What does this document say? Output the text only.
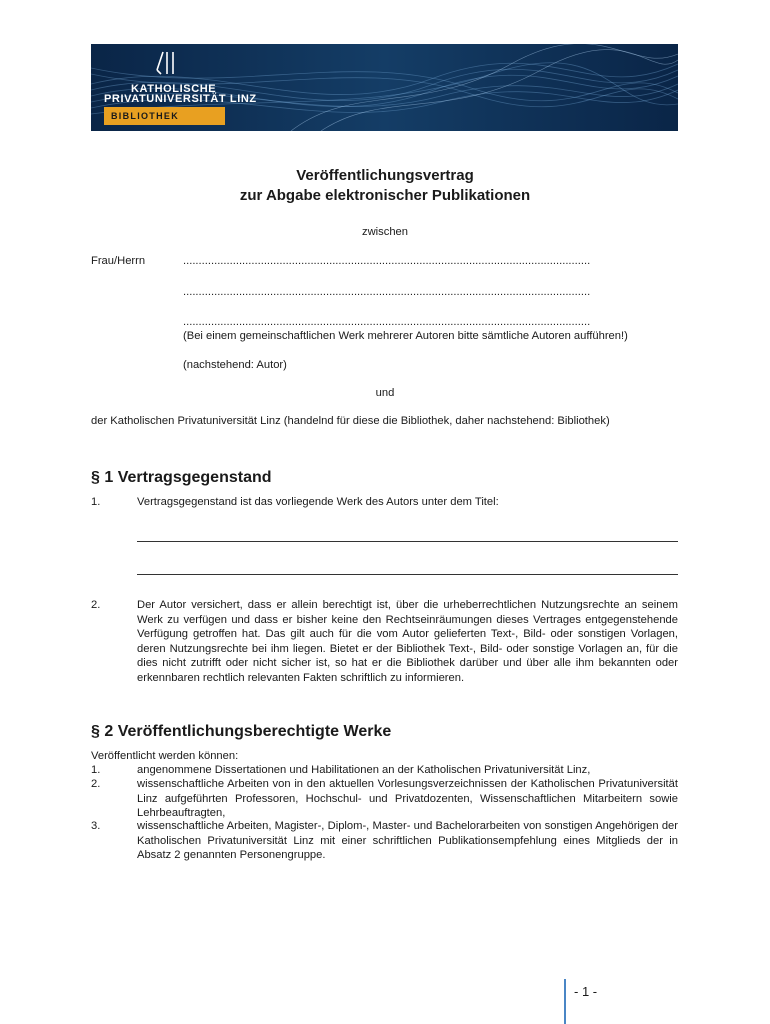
KATHOLISCHE
PRIVATUNIVERSITÄT LINZ
BIBLIOTHEK
Veröffentlichungsvertrag
zur Abgabe elektronischer Publikationen
zwischen
Frau/Herrn	...................................................................................................................................
...................................................................................................................................
...................................................................................................................................
(Bei einem gemeinschaftlichen Werk mehrerer Autoren bitte sämtliche Autoren aufführen!)
(nachstehend: Autor)
und
der Katholischen Privatuniversität Linz (handelnd für diese die Bibliothek, daher nachstehend: Bibliothek)
§ 1 Vertragsgegenstand
1.	Vertragsgegenstand ist das vorliegende Werk des Autors unter dem Titel:
2.	Der Autor versichert, dass er allein berechtigt ist, über die urheberrechtlichen Nutzungsrechte an seinem Werk zu verfügen und dass er bisher keine den Rechtseinräumungen dieses Vertrages entgegenstehende Verfügung getroffen hat. Das gilt auch für die vom Autor gelieferten Text-, Bild- oder sonstigen Vorlagen, deren Nutzungsrechte bei ihm liegen. Bietet er der Bibliothek Text-, Bild- oder sonstige Vorlagen an, für die dies nicht zutrifft oder nicht sicher ist, so hat er die Bibliothek darüber und über alle ihm bekannten oder erkennbaren rechtlich relevanten Fakten schriftlich zu informieren.
§ 2 Veröffentlichungsberechtigte Werke
Veröffentlicht werden können:
1.	angenommene Dissertationen und Habilitationen an der Katholischen Privatuniversität Linz,
2.	wissenschaftliche Arbeiten von in den aktuellen Vorlesungsverzeichnissen der Katholischen Privatuniversität Linz aufgeführten Professoren, Hochschul- und Privatdozenten, Wissenschaftlichen Mitarbeitern sowie Lehrbeauftragten,
3.	wissenschaftliche Arbeiten, Magister-, Diplom-, Master- und Bachelorarbeiten von sonstigen Angehörigen der Katholischen Privatuniversität Linz mit einer schriftlichen Publikationsempfehlung eines Mitglieds der in Absatz 2 genannten Personengruppe.
- 1 -
